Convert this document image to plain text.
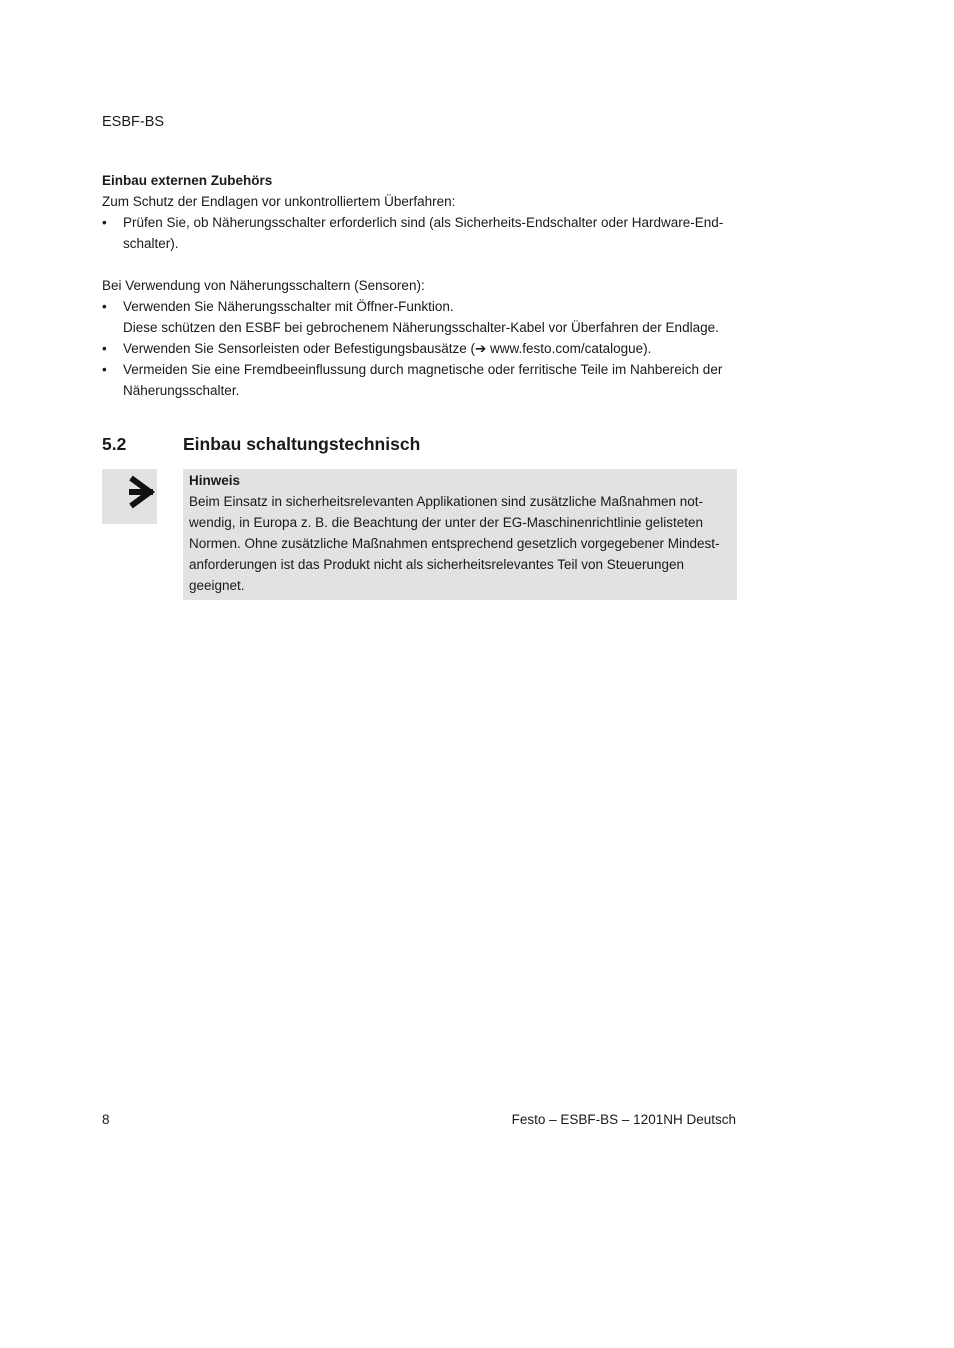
ESBF-BS
Einbau externen Zubehörs

Zum Schutz der Endlagen vor unkontrolliertem Überfahren:

• Prüfen Sie, ob Näherungsschalter erforderlich sind (als Sicherheits-Endschalter oder Hardware-End-schalter).

Bei Verwendung von Näherungsschaltern (Sensoren):

• Verwenden Sie Näherungsschalter mit Öffner-Funktion.
Diese schützen den ESBF bei gebrochenem Näherungsschalter-Kabel vor Überfahren der Endlage.
• Verwenden Sie Sensorleisten oder Befestigungsbausätze (➔ www.festo.com/catalogue).
• Vermeiden Sie eine Fremdbeeinflussung durch magnetische oder ferritische Teile im Nahbereich der Näherungsschalter.
5.2	Einbau schaltungstechnisch
Hinweis
Beim Einsatz in sicherheitsrelevanten Applikationen sind zusätzliche Maßnahmen not-wendig, in Europa z. B. die Beachtung der unter der EG-Maschinenrichtlinie gelisteten Normen. Ohne zusätzliche Maßnahmen entsprechend gesetzlich vorgegebener Mindest-anforderungen ist das Produkt nicht als sicherheitsrelevantes Teil von Steuerungen geeignet.
8	Festo – ESBF-BS – 1201NH Deutsch
